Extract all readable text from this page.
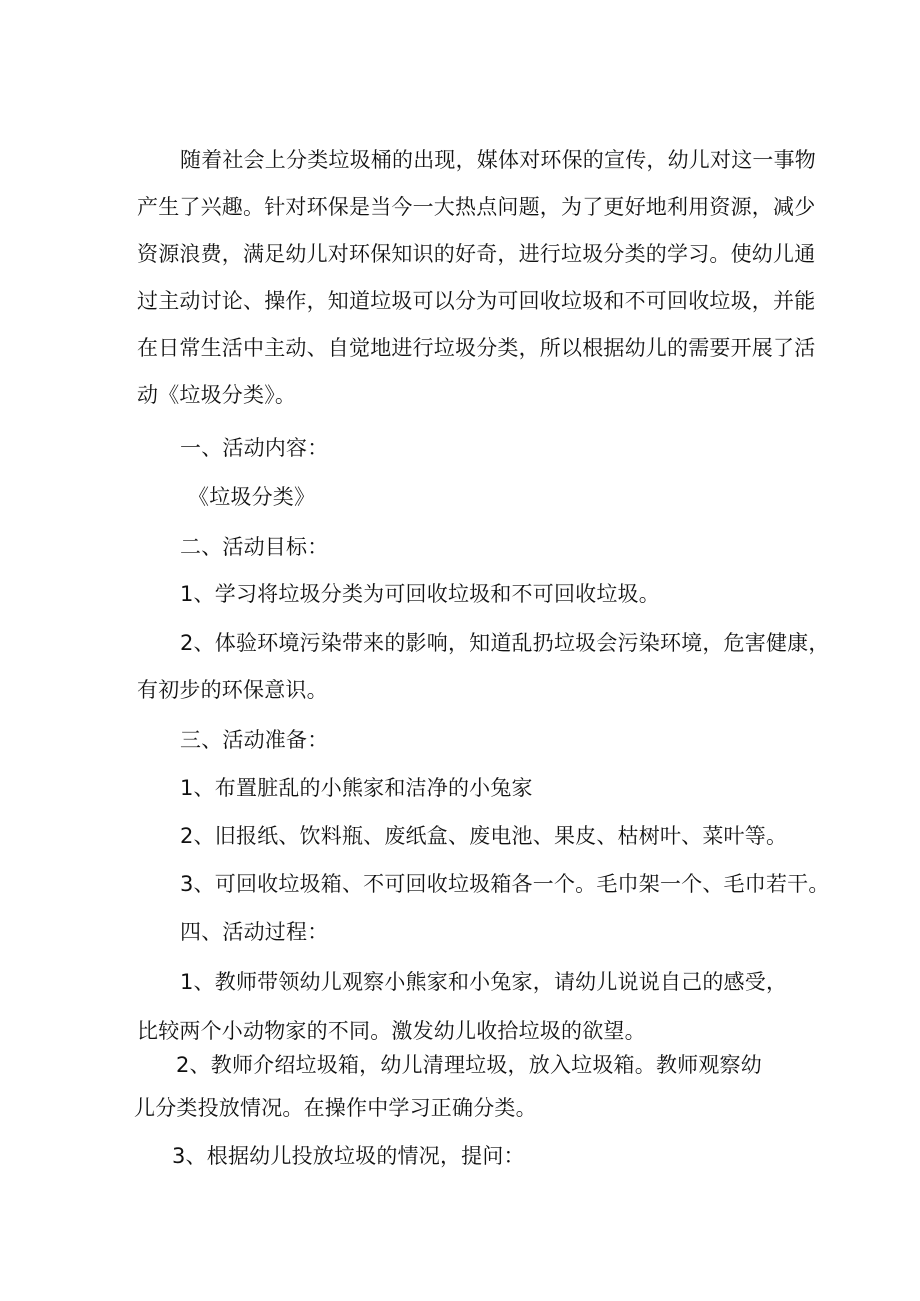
随着社会上分类垃圾桶的出现，媒体对环保的宣传，幼儿对这一事物
产生了兴趣。针对环保是当今一大热点问题，为了更好地利用资源，减少
资源浪费，满足幼儿对环保知识的好奇，进行垃圾分类的学习。使幼儿通
过主动讨论、操作，知道垃圾可以分为可回收垃圾和不可回收垃圾，并能
在日常生活中主动、自觉地进行垃圾分类，所以根据幼儿的需要开展了活
动《垃圾分类》。
一、活动内容：
《垃圾分类》
二、活动目标：
1、学习将垃圾分类为可回收垃圾和不可回收垃圾。
2、体验环境污染带来的影响，知道乱扔垃圾会污染环境，危害健康，
有初步的环保意识。
三、活动准备：
1、布置脏乱的小熊家和洁净的小兔家
2、旧报纸、饮料瓶、废纸盒、废电池、果皮、枯树叶、菜叶等。
3、可回收垃圾箱、不可回收垃圾箱各一个。毛巾架一个、毛巾若干。
四、活动过程：
1、教师带领幼儿观察小熊家和小兔家，请幼儿说说自己的感受，
比较两个小动物家的不同。激发幼儿收拾垃圾的欲望。
2、教师介绍垃圾箱，幼儿清理垃圾，放入垃圾箱。教师观察幼
儿分类投放情况。在操作中学习正确分类。
3、根据幼儿投放垃圾的情况，提问：
